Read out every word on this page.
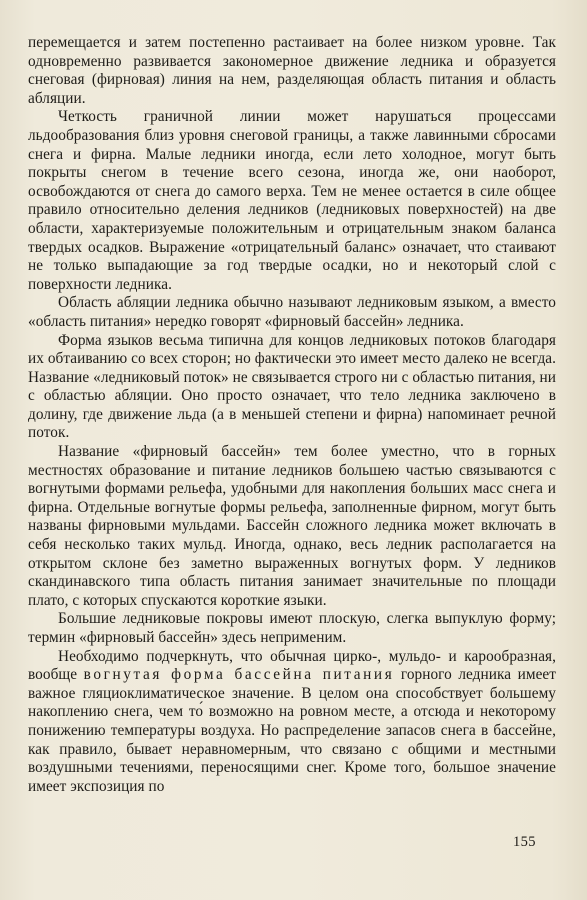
перемещается и затем постепенно растаивает на более низком уровне. Так одновременно развивается закономерное движение ледника и образуется снеговая (фирновая) линия на нем, разделяющая область питания и область абляции.

Четкость граничной линии может нарушаться процессами льдообразования близ уровня снеговой границы, а также лавинными сбросами снега и фирна. Малые ледники иногда, если лето холодное, могут быть покрыты снегом в течение всего сезона, иногда же, они наоборот, освобождаются от снега до самого верха. Тем не менее остается в силе общее правило относительно деления ледников (ледниковых поверхностей) на две области, характеризуемые положительным и отрицательным знаком баланса твердых осадков. Выражение «отрицательный баланс» означает, что стаивают не только выпадающие за год твердые осадки, но и некоторый слой с поверхности ледника.

Область абляции ледника обычно называют ледниковым языком, а вместо «область питания» нередко говорят «фирновый бассейн» ледника.

Форма языков весьма типична для концов ледниковых потоков благодаря их обтаиванию со всех сторон; но фактически это имеет место далеко не всегда. Название «ледниковый поток» не связывается строго ни с областью питания, ни с областью абляции. Оно просто означает, что тело ледника заключено в долину, где движение льда (а в меньшей степени и фирна) напоминает речной поток.

Название «фирновый бассейн» тем более уместно, что в горных местностях образование и питание ледников большею частью связываются с вогнутыми формами рельефа, удобными для накопления больших масс снега и фирна. Отдельные вогнутые формы рельефа, заполненные фирном, могут быть названы фирновыми мульдами. Бассейн сложного ледника может включать в себя несколько таких мульд. Иногда, однако, весь ледник располагается на открытом склоне без заметно выраженных вогнутых форм. У ледников скандинавского типа область питания занимает значительные по площади плато, с которых спускаются короткие языки.

Большие ледниковые покровы имеют плоскую, слегка выпуклую форму; термин «фирновый бассейн» здесь неприменим.

Необходимо подчеркнуть, что обычная цирко-, мульдо- и карообразная, вообще вогнутая форма бассейна питания горного ледника имеет важное гляциоклиматическое значение. В целом она способствует большему накоплению снега, чем то́ возможно на ровном месте, а отсюда и некоторому понижению температуры воздуха. Но распределение запасов снега в бассейне, как правило, бывает неравномерным, что связано с общими и местными воздушными течениями, переносящими снег. Кроме того, большое значение имеет экспозиция по

155
